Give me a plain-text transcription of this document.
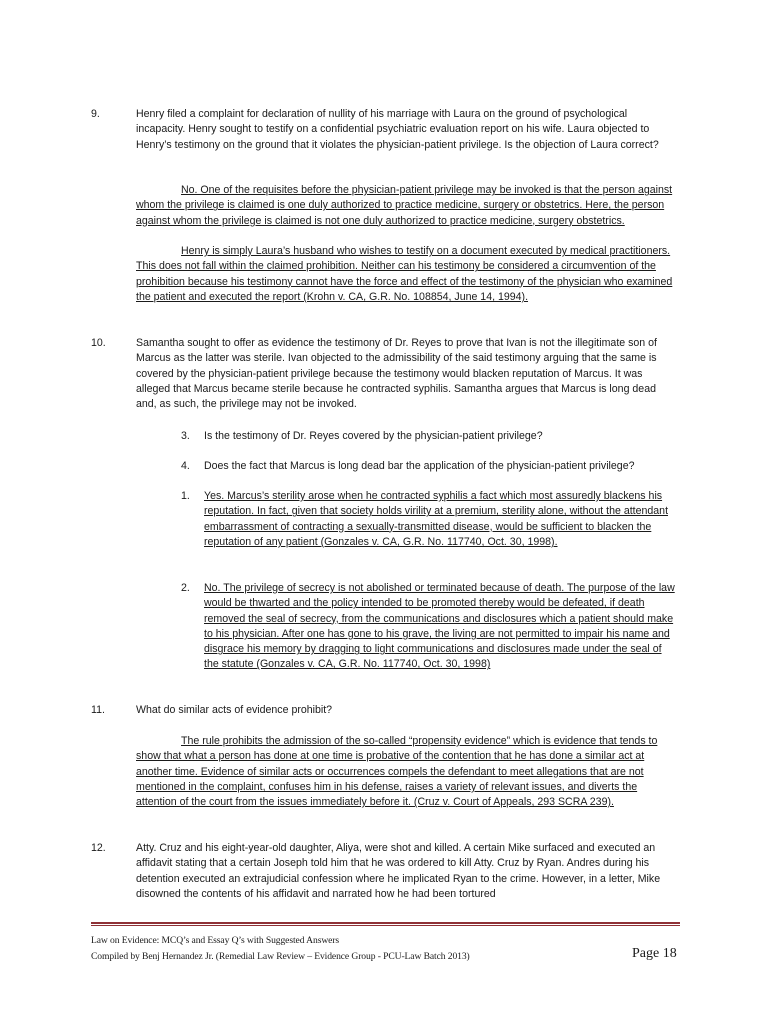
9.	Henry filed a complaint for declaration of nullity of his marriage with Laura on the ground of psychological incapacity. Henry sought to testify on a confidential psychiatric evaluation report on his wife. Laura objected to Henry’s testimony on the ground that it violates the physician-patient privilege. Is the objection of Laura correct?

No. One of the requisites before the physician-patient privilege may be invoked is that the person against whom the privilege is claimed is one duly authorized to practice medicine, surgery or obstetrics. Here, the person against whom the privilege is claimed is not one duly authorized to practice medicine, surgery obstetrics.

Henry is simply Laura’s husband who wishes to testify on a document executed by medical practitioners. This does not fall within the claimed prohibition. Neither can his testimony be considered a circumvention of the prohibition because his testimony cannot have the force and effect of the testimony of the physician who examined the patient and executed the report (Krohn v. CA, G.R. No. 108854, June 14, 1994).

10.	Samantha sought to offer as evidence the testimony of Dr. Reyes to prove that Ivan is not the illegitimate son of Marcus as the latter was sterile. Ivan objected to the admissibility of the said testimony arguing that the same is covered by the physician-patient privilege because the testimony would blacken reputation of Marcus. It was alleged that Marcus became sterile because he contracted syphilis. Samantha argues that Marcus is long dead and, as such, the privilege may not be invoked.

3. Is the testimony of Dr. Reyes covered by the physician-patient privilege?

4. Does the fact that Marcus is long dead bar the application of the physician-patient privilege?

1. Yes. Marcus’s sterility arose when he contracted syphilis a fact which most assuredly blackens his reputation. In fact, given that society holds virility at a premium, sterility alone, without the attendant embarrassment of contracting a sexually-transmitted disease, would be sufficient to blacken the reputation of any patient (Gonzales v. CA, G.R. No. 117740, Oct. 30, 1998).

2. No. The privilege of secrecy is not abolished or terminated because of death. The purpose of the law would be thwarted and the policy intended to be promoted thereby would be defeated, if death removed the seal of secrecy, from the communications and disclosures which a patient should make to his physician. After one has gone to his grave, the living are not permitted to impair his name and disgrace his memory by dragging to light communications and disclosures made under the seal of the statute (Gonzales v. CA, G.R. No. 117740, Oct. 30, 1998)

11.	What do similar acts of evidence prohibit?

The rule prohibits the admission of the so-called “propensity evidence” which is evidence that tends to show that what a person has done at one time is probative of the contention that he has done a similar act at another time. Evidence of similar acts or occurrences compels the defendant to meet allegations that are not mentioned in the complaint, confuses him in his defense, raises a variety of relevant issues, and diverts the attention of the court from the issues immediately before it. (Cruz v. Court of Appeals, 293 SCRA 239).

12.	Atty. Cruz and his eight-year-old daughter, Aliya, were shot and killed. A certain Mike surfaced and executed an affidavit stating that a certain Joseph told him that he was ordered to kill Atty. Cruz by Ryan. Andres during his detention executed an extrajudicial confession where he implicated Ryan to the crime. However, in a letter, Mike disowned the contents of his affidavit and narrated how he had been tortured

Law on Evidence: MCQ’s and Essay Q’s with Suggested Answers
Compiled by Benj Hernandez Jr. (Remedial Law Review – Evidence Group - PCU-Law Batch 2013)	Page 18
